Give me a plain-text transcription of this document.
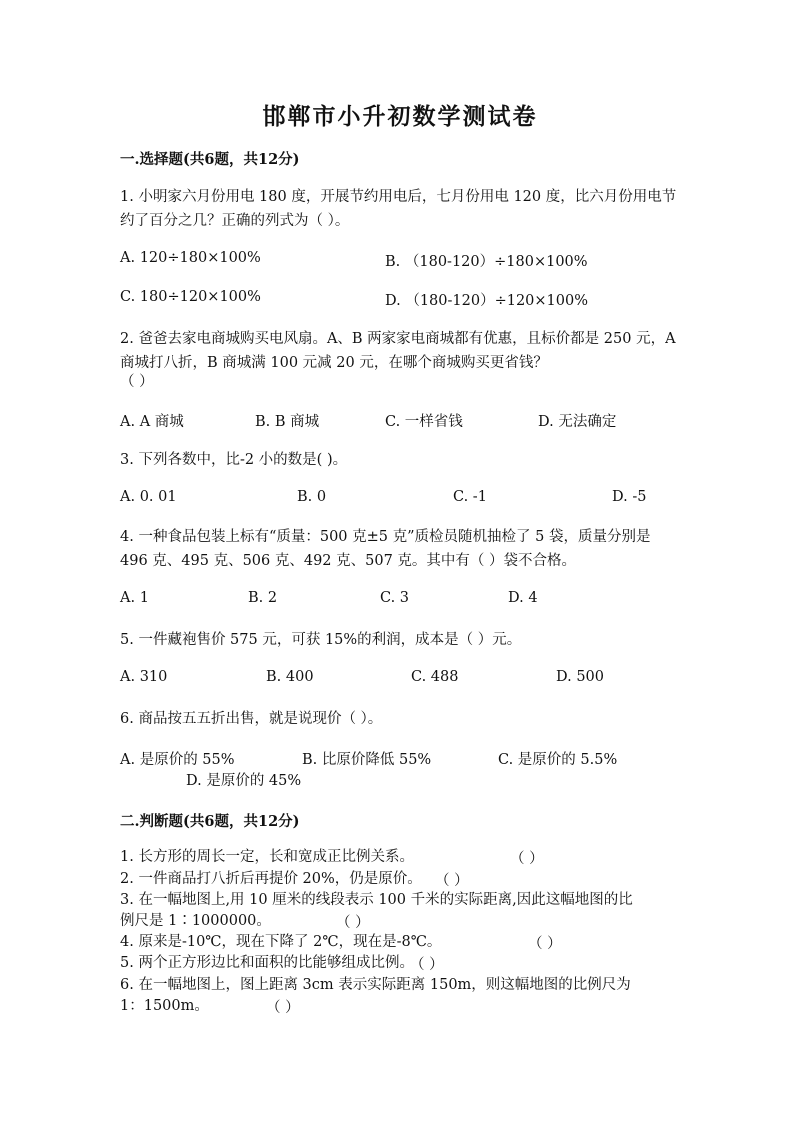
邯郸市小升初数学测试卷
一.选择题(共6题，共12分)
1. 小明家六月份用电 180 度，开展节约用电后，七月份用电 120 度，比六月份用电节约了百分之几？正确的列式为（ ）。
A. 120÷180×100%	B. （180-120）÷180×100%
C. 180÷120×100%	D. （180-120）÷120×100%
2. 爸爸去家电商城购买电风扇。A、B 两家家电商城都有优惠，且标价都是 250 元，A 商城打八折，B 商城满 100 元减 20 元，在哪个商城购买更省钱？
（ ）
A. A 商城	B. B 商城	C. 一样省钱	D. 无法确定
3. 下列各数中，比-2 小的数是( )。
A. 0. 01	B. 0	C. -1	D. -5
4. 一种食品包装上标有“质量：500 克±5 克”质检员随机抽检了 5 袋，质量分别是 496 克、495 克、506 克、492 克、507 克。其中有（ ）袋不合格。
A. 1	B. 2	C. 3	D. 4
5. 一件藏袍售价 575 元，可获 15%的利润，成本是（ ）元。
A. 310	B. 400	C. 488	D. 500
6. 商品按五五折出售，就是说现价（ ）。
A. 是原价的 55%	B. 比原价降低 55%	C. 是原价的 5.5%
D. 是原价的 45%
二.判断题(共6题，共12分)
1. 长方形的周长一定，长和宽成正比例关系。	（ ）
2. 一件商品打八折后再提价 20%，仍是原价。 （ ）
3. 在一幅地图上,用 10 厘米的线段表示 100 千米的实际距离,因此这幅地图的比
例尺是 1∶1000000。	（ ）
4. 原来是-10℃，现在下降了 2℃，现在是-8℃。	（ ）
5. 两个正方形边比和面积的比能够组成比例。
（ ）
6. 在一幅地图上，图上距离 3cm 表示实际距离 150m，则这幅地图的比例尺为
1：1500m。	（ ）
